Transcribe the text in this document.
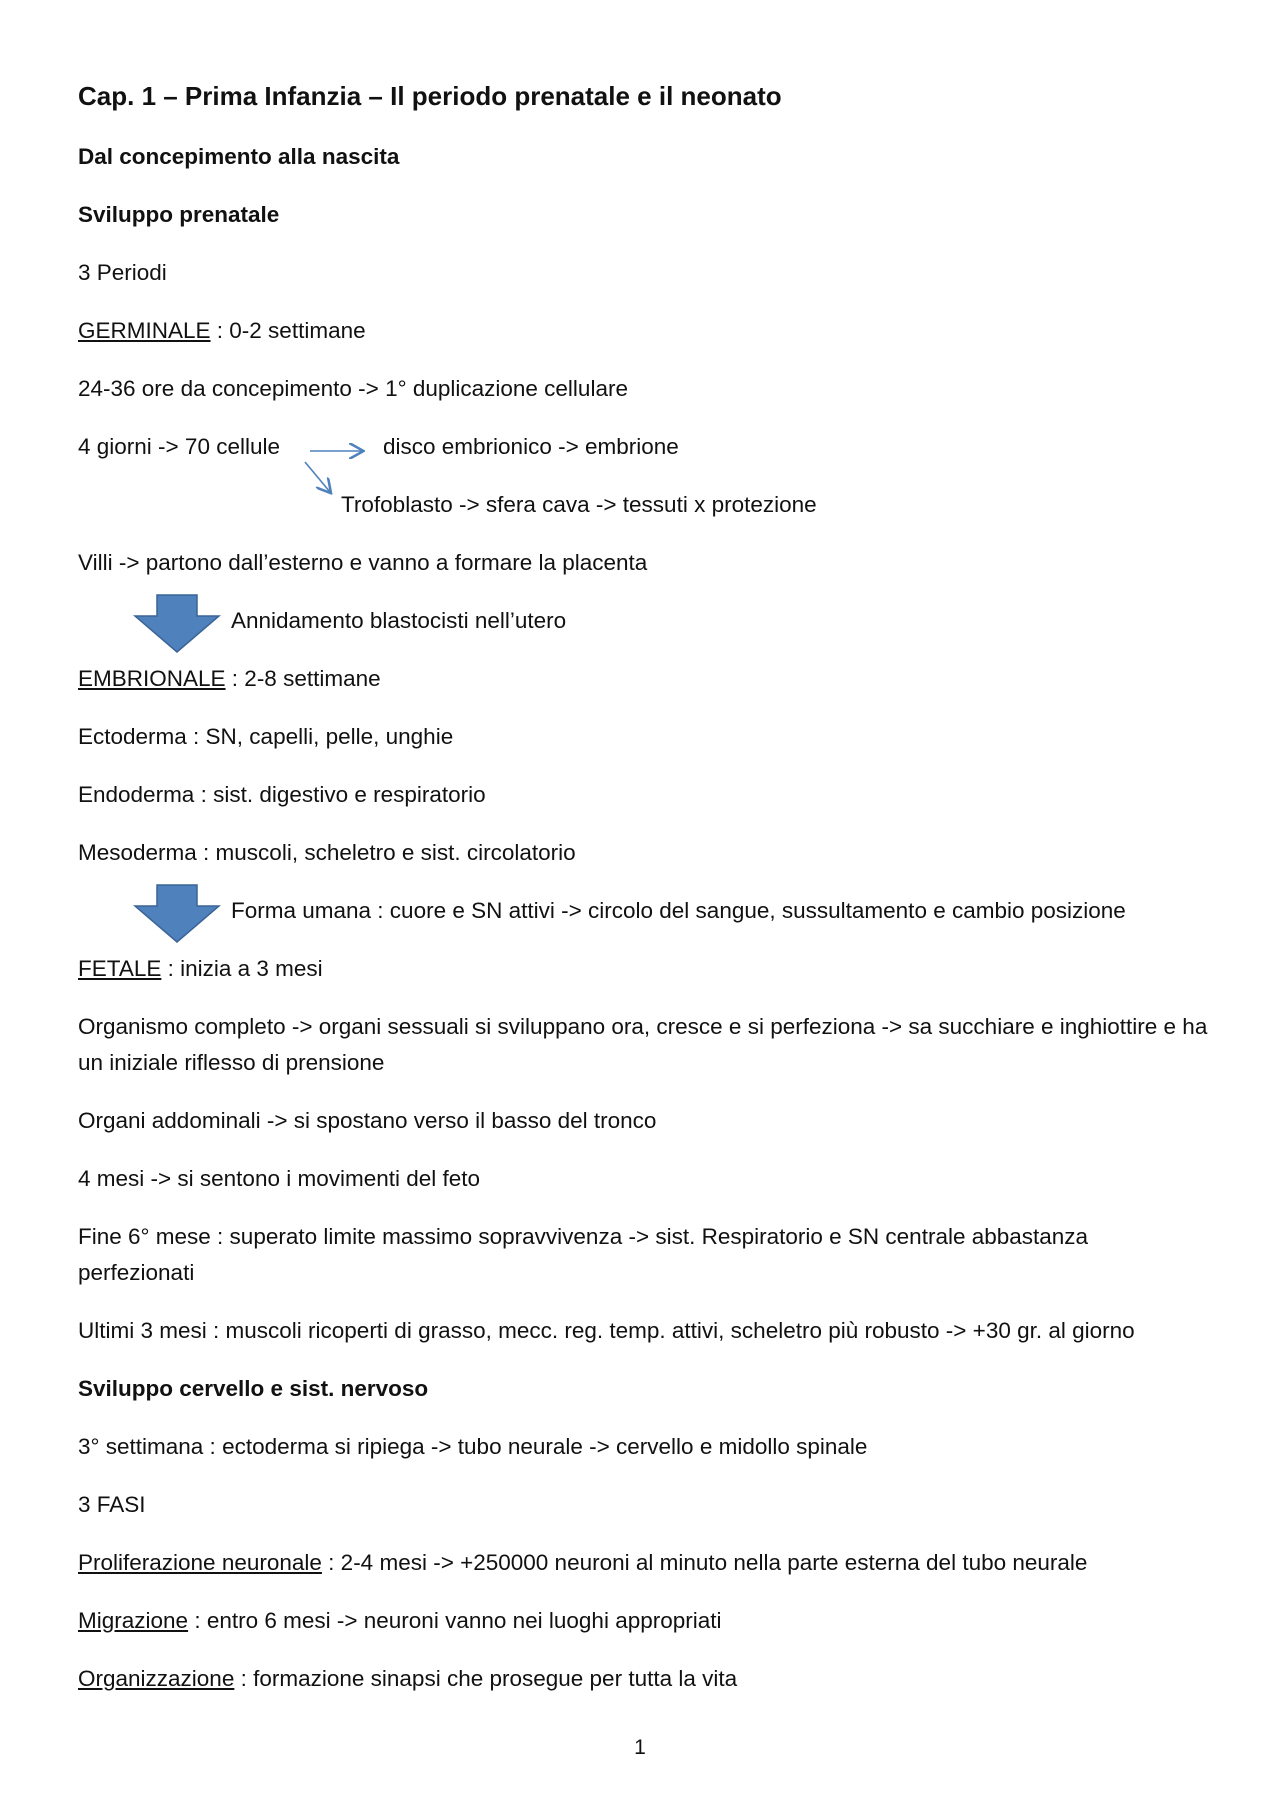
Cap. 1 – Prima Infanzia – Il periodo prenatale e il neonato

Dal concepimento alla nascita

Sviluppo prenatale

3 Periodi

GERMINALE : 0-2 settimane

24-36 ore da concepimento -> 1° duplicazione cellulare

4 giorni -> 70 cellule	disco embrionico -> embrione

Trofoblasto -> sfera cava -> tessuti x protezione

Villi -> partono dall’esterno e vanno a formare la placenta

Annidamento blastocisti nell’utero

EMBRIONALE : 2-8 settimane

Ectoderma : SN, capelli, pelle, unghie

Endoderma : sist. digestivo e respiratorio

Mesoderma : muscoli, scheletro e sist. circolatorio

Forma umana : cuore e SN attivi -> circolo del sangue, sussultamento e cambio posizione

FETALE : inizia a 3 mesi

Organismo completo -> organi sessuali si sviluppano ora, cresce e si perfeziona -> sa succhiare e inghiottire e ha un iniziale riflesso di prensione

Organi addominali -> si spostano verso il basso del tronco

4 mesi -> si sentono i movimenti del feto

Fine 6° mese : superato limite massimo sopravvivenza -> sist. Respiratorio e SN centrale abbastanza perfezionati

Ultimi 3 mesi : muscoli ricoperti di grasso, mecc. reg. temp. attivi, scheletro più robusto -> +30 gr. al giorno

Sviluppo cervello e sist. nervoso

3° settimana : ectoderma si ripiega -> tubo neurale -> cervello e midollo spinale

3 FASI

Proliferazione neuronale : 2-4 mesi -> +250000 neuroni al minuto nella parte esterna del tubo neurale

Migrazione : entro 6 mesi -> neuroni vanno nei luoghi appropriati

Organizzazione : formazione sinapsi che prosegue per tutta la vita

1
